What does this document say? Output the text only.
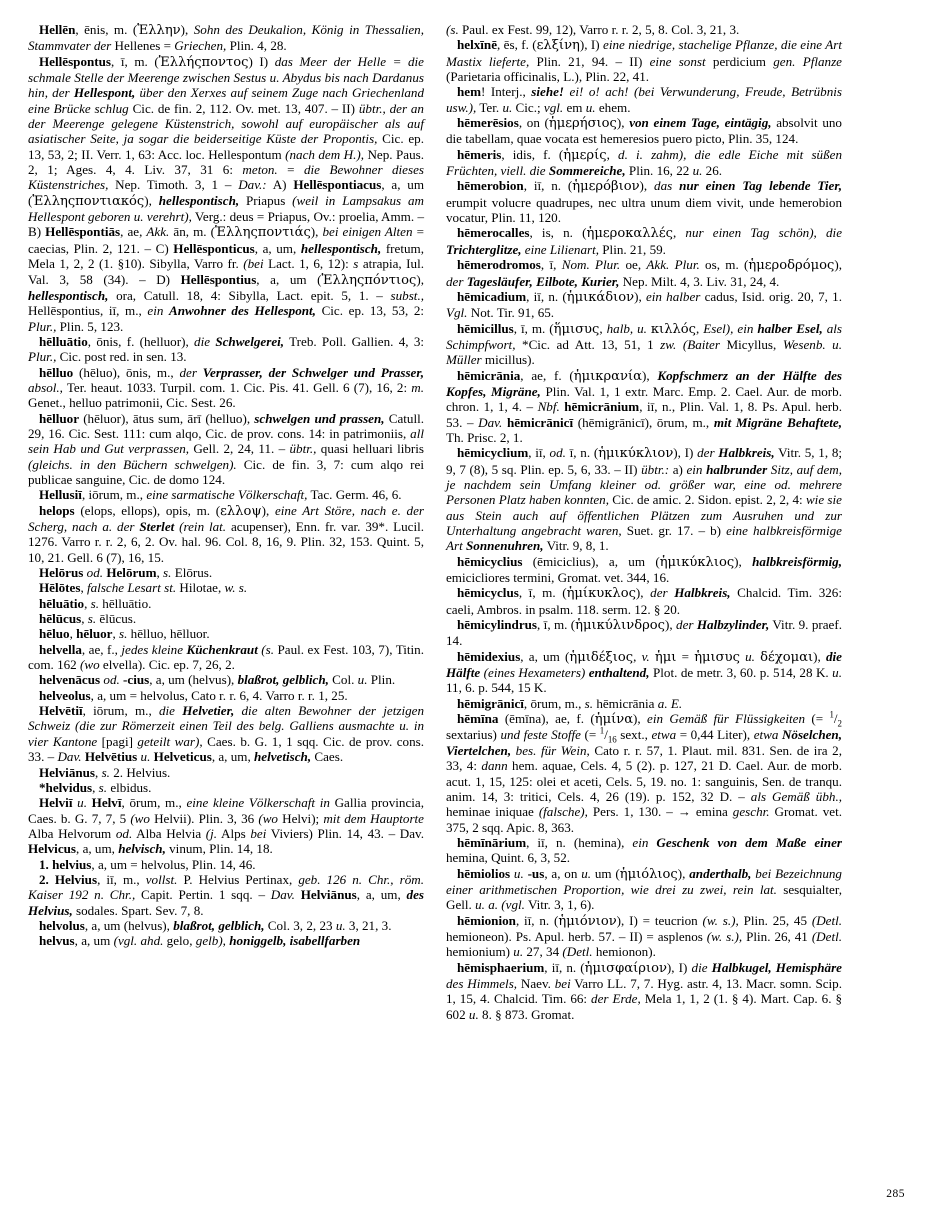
Hellēn, ēnis, m. (Ἑλλην), Sohn des Deukalion, König in Thessalien, Stammvater der Hellenes = Griechen, Plin. 4, 28.

Hellēspontus, ī, m. (Ἑλλήςποντος) I) das Meer der Helle = die schmale Stelle der Meerenge zwischen Sestus u. Abydus bis nach Dardanus hin, der Hellespont, über den Xerxes auf seinem Zuge nach Griechenland eine Brücke schlug Cic. de fin. 2, 112. Ov. met. 13, 407. – II) übtr., der an der Meerenge gelegene Küstenstrich, sowohl auf europäischer als auf asiatischer Seite, ja sogar die beiderseitige Küste der Propontis, Cic. ep. 13, 53, 2; II. Verr. 1, 63: Acc. loc. Hellespontum (nach dem H.), Nep. Paus. 2, 1; Ages. 4, 4. Liv. 37, 31 6: meton. = die Bewohner dieses Küstenstriches, Nep. Timoth. 3, 1 – Dav.: A) Hellēspontiacus, a, um (Ἑλληςποντιακός), hellespontisch, Priapus (weil in Lampsakus am Hellespont geboren u. verehrt), Verg.: deus = Priapus, Ov.: proelia, Amm. – B) Hellēspontiās, ae, Akk. ān, m. (Ἑλληςποντιάς), bei einigen Alten = caecias, Plin. 2, 121. – C) Hellēsponticus, a, um, hellespontisch, fretum, Mela 1, 2, 2 (1. §10). Sibylla, Varro fr. (bei Lact. 1, 6, 12): s atrapia, Iul. Val. 3, 58 (34). – D) Hellēspontius, a, um (Ἑλληςπόντιος), hellespontisch, ora, Catull. 18, 4: Sibylla, Lact. epit. 5, 1. – subst., Hellēspontius, iī, m., ein Anwohner des Hellespont, Cic. ep. 13, 53, 2: Plur., Plin. 5, 123.

hēlluātio, ōnis, f. (helluor), die Schwelgerei, Treb. Poll. Gallien. 4, 3: Plur., Cic. post red. in sen. 13.

hēlluo (hēluo), ōnis, m., der Verprasser, der Schwelger und Prasser, absol., Ter. heaut. 1033. Turpil. com. 1. Cic. Pis. 41. Gell. 6 (7), 16, 2: m. Genet., helluo patrimonii, Cic. Sest. 26.

hēlluor (hēluor), ātus sum, ārī (helluo), schwelgen und prassen, Catull. 29, 16. Cic. Sest. 111: cum alqo, Cic. de prov. cons. 14: in patrimoniis, all sein Hab und Gut verprassen, Gell. 2, 24, 11. – übtr., quasi helluari libris (gleichs. in den Büchern schwelgen). Cic. de fin. 3, 7: cum alqo rei publicae sanguine, Cic. de domo 124.

Hellusiī, iōrum, m., eine sarmatische Völkerschaft, Tac. Germ. 46, 6.

helops (elops, ellops), opis, m. (ελλοψ), eine Art Störe, nach e. der Scherg, nach a. der Sterlet (rein lat. acupenser), Enn. fr. var. 39*. Lucil. 1276. Varro r. r. 2, 6, 2. Ov. hal. 96. Col. 8, 16, 9. Plin. 32, 153. Quint. 5, 10, 21. Gell. 6 (7), 16, 15.

Helōrus od. Helōrum, s. Elōrus.

Hēlōtes, falsche Lesart st. Hilotae, w. s.

hēluātio, s. hēlluātio.

hēlūcus, s. ēlūcus.

hēluo, hēluor, s. hēlluo, hēlluor.

helvella, ae, f., jedes kleine Küchenkraut (s. Paul. ex Fest. 103, 7), Titin. com. 162 (wo elvella). Cic. ep. 7, 26, 2.

helvenācus od. -cius, a, um (helvus), blaßrot, gelblich, Col. u. Plin.

helveolus, a, um = helvolus, Cato r. r. 6, 4. Varro r. r. 1, 25.

Helvētiī, iōrum, m., die Helvetier, die alten Bewohner der jetzigen Schweiz (die zur Römerzeit einen Teil des belg. Galliens ausmachte u. in vier Kantone [pagi] geteilt war), Caes. b. G. 1, 1 sqq. Cic. de prov. cons. 33. – Dav. Helvētius u. Helveticus, a, um, helvetisch, Caes.

Helviānus, s. 2. Helvius.

*helvidus, s. elbidus.

Helviī u. Helvī, ōrum, m., eine kleine Völkerschaft in Gallia provincia, Caes. b. G. 7, 7, 5 (wo Helvii). Plin. 3, 36 (wo Helvi); mit dem Hauptorte Alba Helvorum od. Alba Helvia (j. Alps bei Viviers) Plin. 14, 43. – Dav. Helvicus, a, um, helvisch, vinum, Plin. 14, 18.

1. helvius, a, um = helvolus, Plin. 14, 46.

2. Helvius, iī, m., vollst. P. Helvius Pertinax, geb. 126 n. Chr., röm. Kaiser 192 n. Chr., Capit. Pertin. 1 sqq. – Dav. Helviānus, a, um, des Helvius, sodales. Spart. Sev. 7, 8.

helvolus, a, um (helvus), blaßrot, gelblich, Col. 3, 2, 23 u. 3, 21, 3.

helvus, a, um (vgl. ahd. gelo, gelb), honiggelb, isabellfarben

(s. Paul. ex Fest. 99, 12), Varro r. r. 2, 5, 8. Col. 3, 21, 3.

helxīnē, ēs, f. (ελξίνη), I) eine niedrige, stachelige Pflanze, die eine Art Mastix lieferte, Plin. 21, 94. – II) eine sonst perdicium gen. Pflanze (Parietaria officinalis, L.), Plin. 22, 41.

hem! Interj., siehe! ei! o! ach! (bei Verwunderung, Freude, Betrübnis usw.), Ter. u. Cic.; vgl. em u. ehem.

hēmerēsios, on (ἡμερήσιος), von einem Tage, eintägig, absolvit uno die tabellam, quae vocata est hemeresios puero picto, Plin. 35, 124.

hēmeris, idis, f. (ἡμερίς, d. i. zahm), die edle Eiche mit süßen Früchten, viell. die Sommereiche, Plin. 16, 22 u. 26.

hēmerobion, iī, n. (ἡμερόβιον), das nur einen Tag lebende Tier, erumpit volucre quadrupes, nec ultra unum diem vivit, unde hemerobion vocatur, Plin. 11, 120.

hēmerocalles, is, n. (ἡμεροκαλλές, nur einen Tag schön), die Trichterglitze, eine Lilienart, Plin. 21, 59.

hēmerodromos, ī, Nom. Plur. oe, Akk. Plur. os, m. (ἡμεροδρόμος), der Tagesläufer, Eilbote, Kurier, Nep. Milt. 4, 3. Liv. 31, 24, 4.

hēmicadium, iī, n. (ἡμικάδιον), ein halber cadus, Isid. orig. 20, 7, 1. Vgl. Not. Tir. 91, 65.

hēmicillus, ī, m. (ἥμισυς, halb, u. κιλλός, Esel), ein halber Esel, als Schimpfwort, *Cic. ad Att. 13, 51, 1 zw. (Baiter Micyllus, Wesenb. u. Müller micillus).

hēmicrānia, ae, f. (ἡμικρανία), Kopfschmerz an der Hälfte des Kopfes, Migräne, Plin. Val. 1, 1 extr. Marc. Emp. 2. Cael. Aur. de morb. chron. 1, 1, 4. – Nbf. hēmicrānium, iī, n., Plin. Val. 1, 8. Ps. Apul. herb. 53. – Dav. hēmicrānicī (hēmigrānicī), ōrum, m., mit Migräne Behaftete, Th. Prisc. 2, 1.

hēmicyclium, iī, od. ī, n. (ἡμικύκλιον), I) der Halbkreis, Vitr. 5, 1, 8; 9, 7 (8), 5 sq. Plin. ep. 5, 6, 33. – II) übtr.: a) ein halbrunder Sitz, auf dem, je nachdem sein Umfang kleiner od. größer war, eine od. mehrere Personen Platz haben konnten, Cic. de amic. 2. Sidon. epist. 2, 2, 4: wie sie aus Stein auch auf öffentlichen Plätzen zum Ausruhen und zur Unterhaltung angebracht waren, Suet. gr. 17. – b) eine halbkreisförmige Art Sonnenuhren, Vitr. 9, 8, 1.

hēmicyclius (ēmiciclius), a, um (ἡμικύκλιος), halbkreisförmig, emicicliores termini, Gromat. vet. 344, 16.

hēmicyclus, ī, m. (ἡμίκυκλος), der Halbkreis, Chalcid. Tim. 326: caeli, Ambros. in psalm. 118. serm. 12. § 20.

hēmicylindrus, ī, m. (ἡμικύλινδρος), der Halbzylinder, Vitr. 9. praef. 14.

hēmidexius, a, um (ἡμιδέξιος, v. ἡμι = ἡμισυς u. δέχομαι), die Hälfte (eines Hexameters) enthaltend, Plot. de metr. 3, 60. p. 514, 28 K. u. 11, 6. p. 544, 15 K.

hēmigrānicī, ōrum, m., s. hēmicrānia a. E.

hēmīna (ēmīna), ae, f. (ἡμίνα), ein Gemäß für Flüssigkeiten (= $^1/_2$ sextarius) und feste Stoffe (= $^1/_{16}$ sext., etwa = 0,44 Liter), etwa Nöselchen, Viertelchen, bes. für Wein, Cato r. r. 57, 1. Plaut. mil. 831. Sen. de ira 2, 33, 4: dann hem. aquae, Cels. 4, 5 (2). p. 127, 21 D. Cael. Aur. de morb. acut. 1, 15, 125: olei et aceti, Cels. 5, 19. no. 1: sanguinis, Sen. de tranqu. anim. 14, 3: tritici, Cels. 4, 26 (19). p. 152, 32 D. – als Gemäß übh., heminae iniquae (falsche), Pers. 1, 130. – → emina geschr. Gromat. vet. 375, 2 sqq. Apic. 8, 363.

hēmīnārium, iī, n. (hemina), ein Geschenk von dem Maße einer hemina, Quint. 6, 3, 52.

hēmiolios u. -us, a, on u. um (ἡμιόλιος), anderthalb, bei Bezeichnung einer arithmetischen Proportion, wie drei zu zwei, rein lat. sesquialter, Gell. u. a. (vgl. Vitr. 3, 1, 6).

hēmionion, iī, n. (ἡμιόνιον), I) = teucrion (w. s.), Plin. 25, 45 (Detl. hemioneon). Ps. Apul. herb. 57. – II) = asplenos (w. s.), Plin. 26, 41 (Detl. hemionium) u. 27, 34 (Detl. hemionon).

hēmisphaerium, iī, n. (ἡμισφαίριον), I) die Halbkugel, Hemisphäre des Himmels, Naev. bei Varro LL. 7, 7. Hyg. astr. 4, 13. Macr. somn. Scip. 1, 15, 4. Chalcid. Tim. 66: der Erde, Mela 1, 1, 2 (1. § 4). Mart. Cap. 6. § 602 u. 8. § 873. Gromat.

285
